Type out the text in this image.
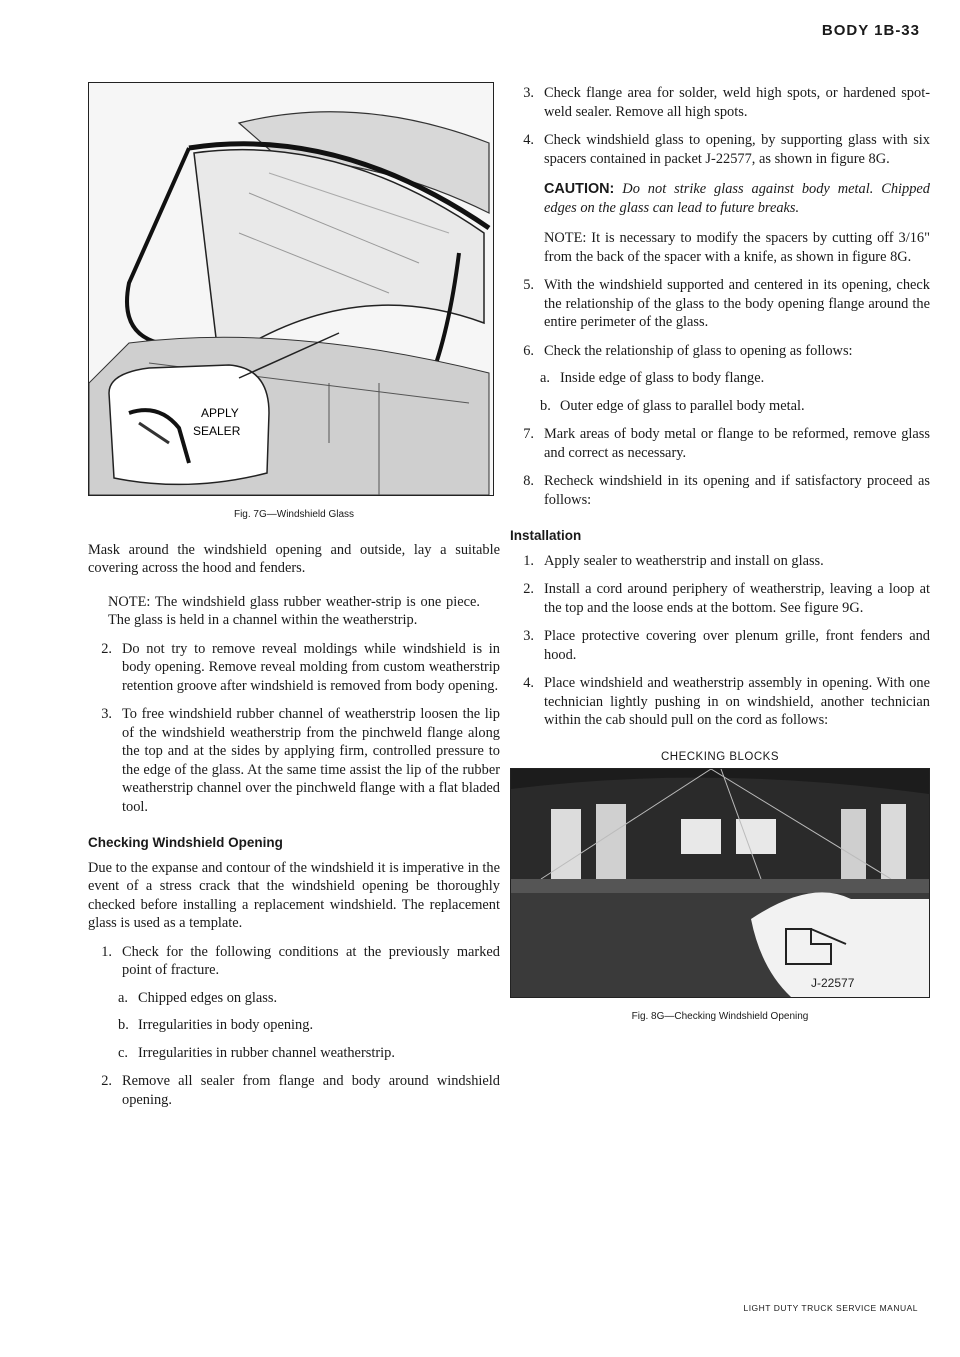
BODY 1B-33
APPLY
SEALER
Fig. 7G—Windshield Glass

Mask around the windshield opening and outside, lay a suitable covering across the hood and fenders.

NOTE: The windshield glass rubber weather-strip is one piece. The glass is held in a channel within the weatherstrip.

2. Do not try to remove reveal moldings while windshield is in body opening. Remove reveal molding from custom weatherstrip retention groove after windshield is removed from body opening.
3. To free windshield rubber channel of weatherstrip loosen the lip of the windshield weatherstrip from the pinchweld flange along the top and at the sides by applying firm, controlled pressure to the edge of the glass. At the same time assist the lip of the rubber weatherstrip channel over the pinchweld flange with a flat bladed tool.
Checking Windshield Opening

Due to the expanse and contour of the windshield it is imperative in the event of a stress crack that the windshield opening be thoroughly checked before installing a replacement windshield. The replacement glass is used as a template.

1. Check for the following conditions at the previously marked point of fracture.
a. Chipped edges on glass.
b. Irregularities in body opening.
c. Irregularities in rubber channel weatherstrip.
2. Remove all sealer from flange and body around windshield opening.
3. Check flange area for solder, weld high spots, or hardened spot-weld sealer. Remove all high spots.
4. Check windshield glass to opening, by supporting glass with six spacers contained in packet J-22577, as shown in figure 8G.
CAUTION: Do not strike glass against body metal. Chipped edges on the glass can lead to future breaks.

NOTE: It is necessary to modify the spacers by cutting off 3/16" from the back of the spacer with a knife, as shown in figure 8G.

5. With the windshield supported and centered in its opening, check the relationship of the glass to the body opening flange around the entire perimeter of the glass.
6. Check the relationship of glass to opening as follows:
a. Inside edge of glass to body flange.
b. Outer edge of glass to parallel body metal.
7. Mark areas of body metal or flange to be reformed, remove glass and correct as necessary.
8. Recheck windshield in its opening and if satisfactory proceed as follows:
Installation
1. Apply sealer to weatherstrip and install on glass.
2. Install a cord around periphery of weatherstrip, leaving a loop at the top and the loose ends at the bottom. See figure 9G.
3. Place protective covering over plenum grille, front fenders and hood.
4. Place windshield and weatherstrip assembly in opening. With one technician lightly pushing in on windshield, another technician within the cab should pull on the cord as follows:
CHECKING BLOCKS
J-22577
Fig. 8G—Checking Windshield Opening
LIGHT DUTY TRUCK SERVICE MANUAL
